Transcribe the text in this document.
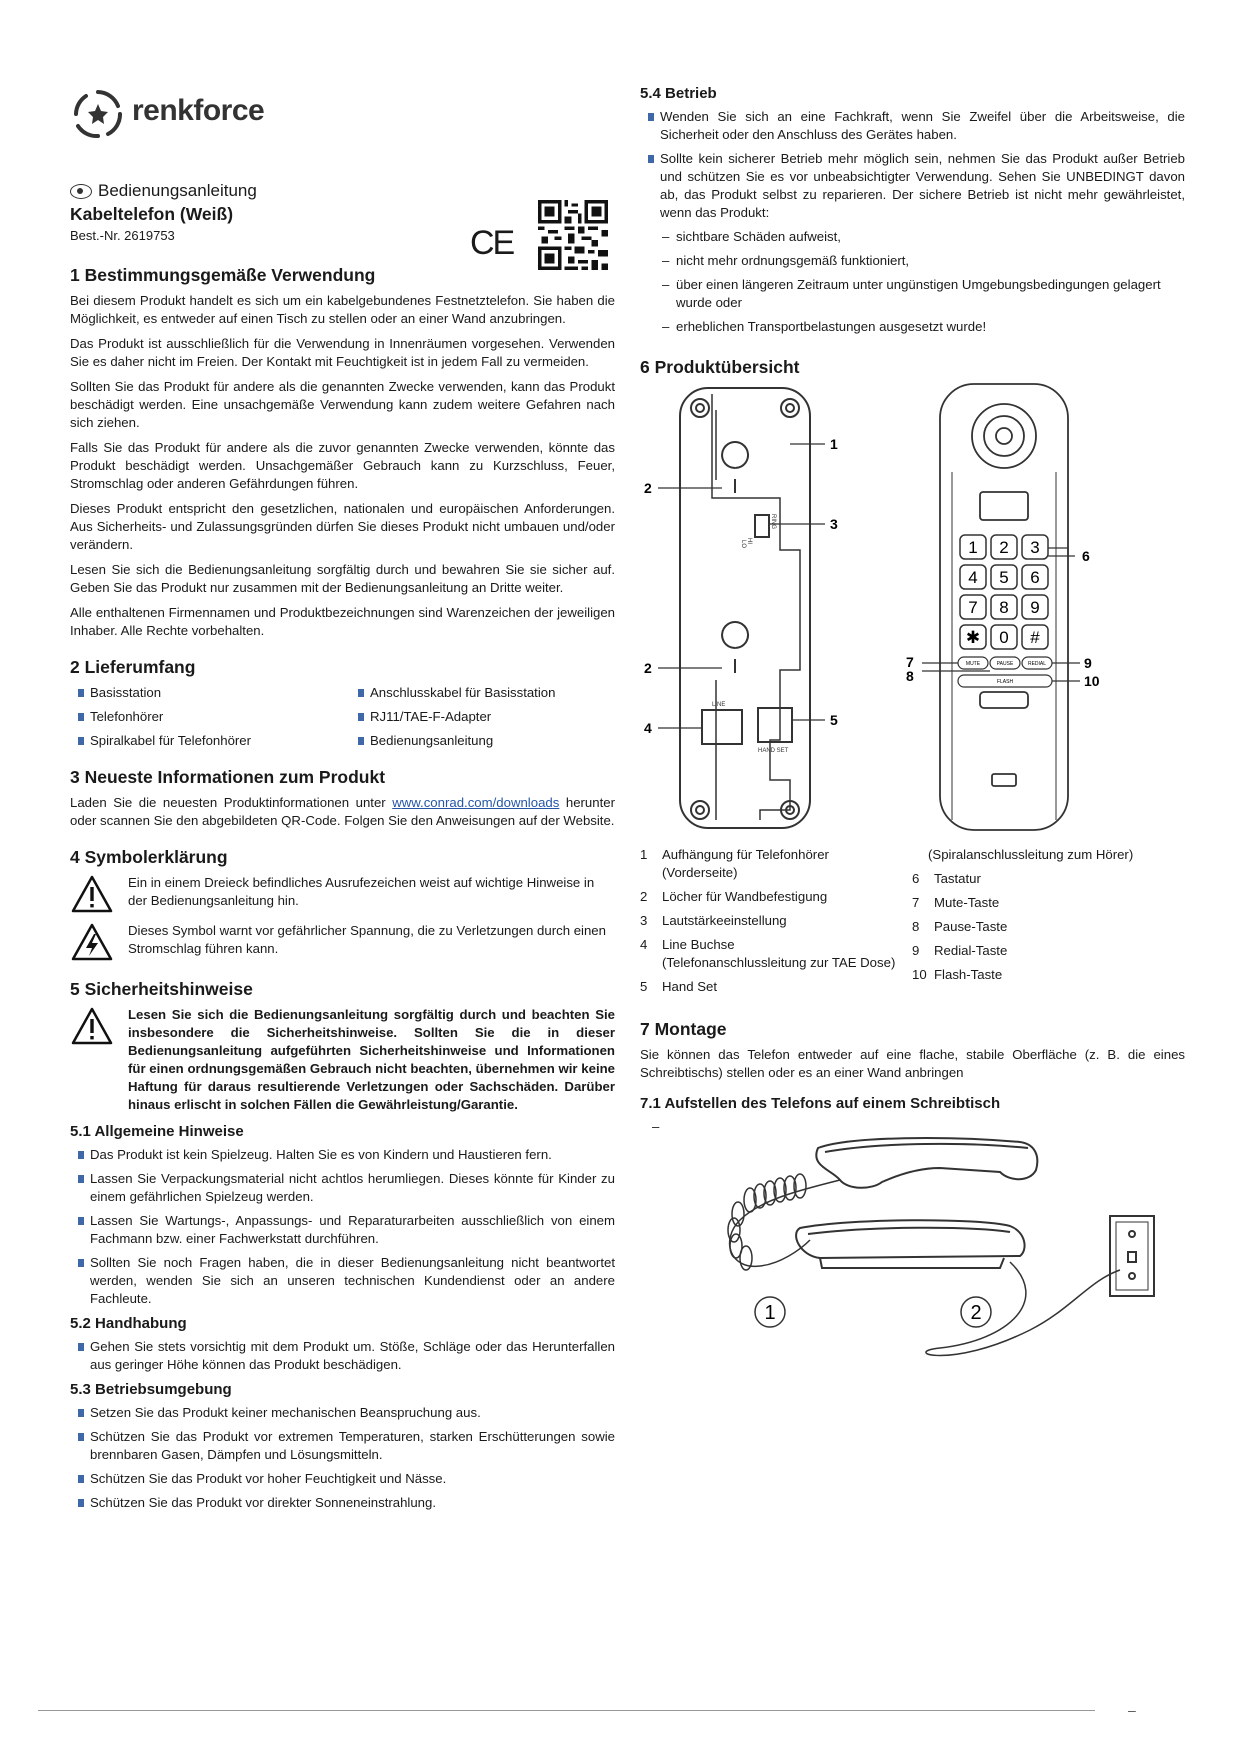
renkforce
CE
Bedienungsanleitung
Kabeltelefon (Weiß)
Best.-Nr. 2619753
1 Bestimmungsgemäße Verwendung

Bei diesem Produkt handelt es sich um ein kabelgebundenes Festnetztelefon. Sie haben die Möglichkeit, es entweder auf einen Tisch zu stellen oder an einer Wand anzubringen.

Das Produkt ist ausschließlich für die Verwendung in Innenräumen vorgesehen. Verwenden Sie es daher nicht im Freien. Der Kontakt mit Feuchtigkeit ist in jedem Fall zu vermeiden.

Sollten Sie das Produkt für andere als die genannten Zwecke verwenden, kann das Produkt beschädigt werden. Eine unsachgemäße Verwendung kann zudem weitere Gefahren nach sich ziehen.

Falls Sie das Produkt für andere als die zuvor genannten Zwecke verwenden, könnte das Produkt beschädigt werden. Unsachgemäßer Gebrauch kann zu Kurzschluss, Feuer, Stromschlag oder anderen Gefährdungen führen.

Dieses Produkt entspricht den gesetzlichen, nationalen und europäischen Anforderungen. Aus Sicherheits- und Zulassungsgründen dürfen Sie dieses Produkt nicht umbauen und/oder verändern.

Lesen Sie sich die Bedienungsanleitung sorgfältig durch und bewahren Sie sie sicher auf. Geben Sie das Produkt nur zusammen mit der Bedienungsanleitung an Dritte weiter.

Alle enthaltenen Firmennamen und Produktbezeichnungen sind Warenzeichen der jeweiligen Inhaber. Alle Rechte vorbehalten.

2 Lieferumfang
Basisstation	Anschlusskabel für Basisstation
Telefonhörer	RJ11/TAE-F-Adapter
Spiralkabel für Telefonhörer	Bedienungsanleitung
3 Neueste Informationen zum Produkt

Laden Sie die neuesten Produktinformationen unter www.conrad.com/downloads herunter oder scannen Sie den abgebildeten QR-Code. Folgen Sie den Anweisungen auf der Website.

4 Symbolerklärung
Ein in einem Dreieck befindliches Ausrufezeichen weist auf wichtige Hinweise in der Bedienungsanleitung hin.
Dieses Symbol warnt vor gefährlicher Spannung, die zu Verletzungen durch einen Stromschlag führen kann.
5 Sicherheitshinweise
Lesen Sie sich die Bedienungsanleitung sorgfältig durch und beachten Sie insbesondere die Sicherheitshinweise. Sollten Sie die in dieser Bedienungsanleitung aufgeführten Sicherheitshinweise und Informationen für einen ordnungsgemäßen Gebrauch nicht beachten, übernehmen wir keine Haftung für daraus resultierende Verletzungen oder Sachschäden. Darüber hinaus erlischt in solchen Fällen die Gewährleistung/Garantie.
5.1 Allgemeine Hinweise
Das Produkt ist kein Spielzeug. Halten Sie es von Kindern und Haustieren fern.
Lassen Sie Verpackungsmaterial nicht achtlos herumliegen. Dieses könnte für Kinder zu einem gefährlichen Spielzeug werden.
Lassen Sie Wartungs-, Anpassungs- und Reparaturarbeiten ausschließlich von einem Fachmann bzw. einer Fachwerkstatt durchführen.
Sollten Sie noch Fragen haben, die in dieser Bedienungsanleitung nicht beantwortet werden, wenden Sie sich an unseren technischen Kundendienst oder an andere Fachleute.
5.2 Handhabung
Gehen Sie stets vorsichtig mit dem Produkt um. Stöße, Schläge oder das Herunterfallen aus geringer Höhe können das Produkt beschädigen.
5.3 Betriebsumgebung
Setzen Sie das Produkt keiner mechanischen Beanspruchung aus.
Schützen Sie das Produkt vor extremen Temperaturen, starken Erschütterungen sowie brennbaren Gasen, Dämpfen und Lösungsmitteln.
Schützen Sie das Produkt vor hoher Feuchtigkeit und Nässe.
Schützen Sie das Produkt vor direkter Sonneneinstrahlung.
5.4 Betrieb
Wenden Sie sich an eine Fachkraft, wenn Sie Zweifel über die Arbeitsweise, die Sicherheit oder den Anschluss des Gerätes haben.
Sollte kein sicherer Betrieb mehr möglich sein, nehmen Sie das Produkt außer Betrieb und schützen Sie es vor unbeabsichtigter Verwendung. Sehen Sie UNBEDINGT davon ab, das Produkt selbst zu reparieren. Der sichere Betrieb ist nicht mehr gewährleistet, wenn das Produkt:
– sichtbare Schäden aufweist,
– nicht mehr ordnungsgemäß funktioniert,
– über einen längeren Zeitraum unter ungünstigen Umgebungsbedingungen gelagert wurde oder
– erheblichen Transportbelastungen ausgesetzt wurde!
6 Produktübersicht
HI
RING
LO
LINE
HAND SET
1
2
3
2
4	5
1 2 3
4 5 6
7 8 9
✱ 0 #
MUTE	PAUSE	REDIAL
FLASH
6
7
8
9
10
1	Aufhängung für Telefonhörer
(Vorderseite)
2	Löcher für Wandbefestigung
3	Lautstärkeeinstellung
4	Line Buchse
(Telefonanschlussleitung zur TAE Dose)
5	Hand Set
(Spiralanschlussleitung zum Hörer)
6	Tastatur
7	Mute-Taste
8	Pause-Taste
9	Redial-Taste
10 Flash-Taste
7 Montage

Sie können das Telefon entweder auf eine flache, stabile Oberfläche (z. B. die eines Schreibtischs) stellen oder es an einer Wand anbringen

7.1 Aufstellen des Telefons auf einem Schreibtisch
–
1	2
–
